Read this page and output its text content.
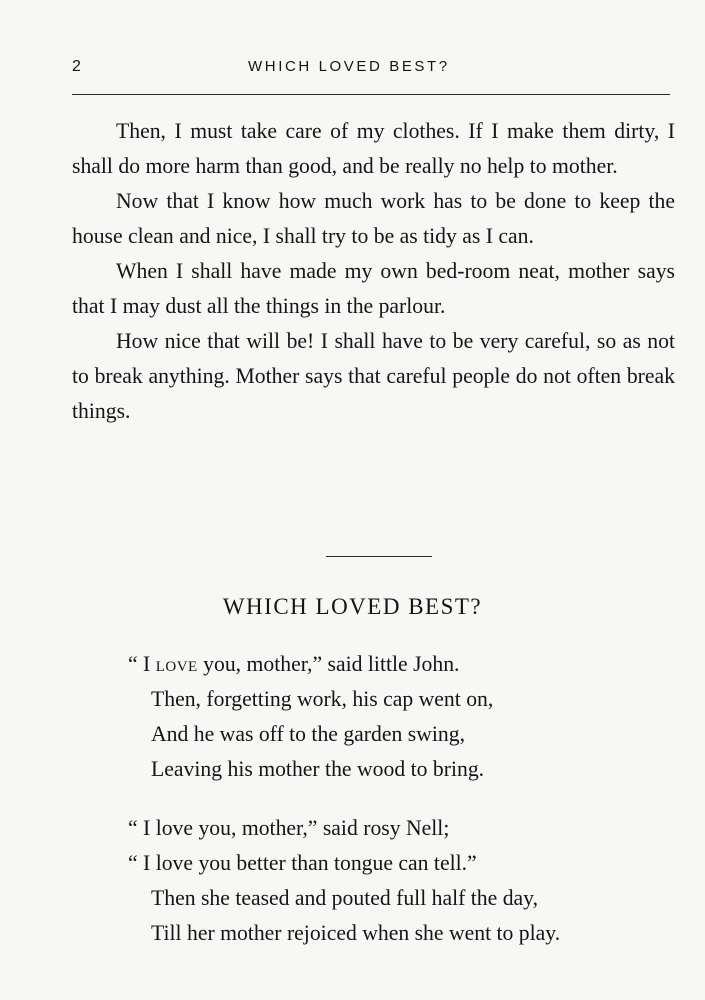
2	WHICH LOVED BEST?

Then, I must take care of my clothes. If I make them dirty, I shall do more harm than good, and be really no help to mother.

Now that I know how much work has to be done to keep the house clean and nice, I shall try to be as tidy as I can.

When I shall have made my own bed-room neat, mother says that I may dust all the things in the parlour.

How nice that will be! I shall have to be very careful, so as not to break anything. Mother says that careful people do not often break things.

WHICH LOVED BEST?
“ I love you, mother,” said little John.
Then, forgetting work, his cap went on,
And he was off to the garden swing,
Leaving his mother the wood to bring.
“ I love you, mother,” said rosy Nell;
“ I love you better than tongue can tell.”
Then she teased and pouted full half the day,
Till her mother rejoiced when she went to play.
